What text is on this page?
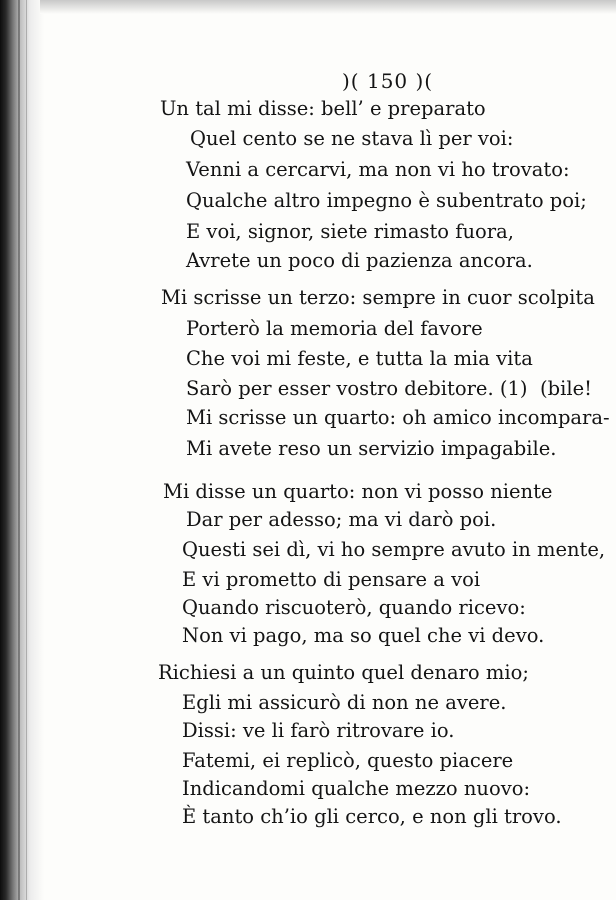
)( 150 )(
Un tal mi disse: bell’ e preparato
Quel cento se ne stava lì per voi:
Venni a cercarvi, ma non vi ho trovato:
Qualche altro impegno è subentrato poi;
E voi, signor, siete rimasto fuora,
Avrete un poco di pazienza ancora.
Mi scrisse un terzo: sempre in cuor scolpita
Porterò la memoria del favore
Che voi mi feste, e tutta la mia vita
Sarò per esser vostro debitore. (1) (bile!
Mi scrisse un quarto: oh amico incompara-
Mi avete reso un servizio impagabile.
Mi disse un quarto: non vi posso niente
Dar per adesso; ma vi darò poi.
Questi sei dì, vi ho sempre avuto in mente,
E vi prometto di pensare a voi
Quando riscuoterò, quando ricevo:
Non vi pago, ma so quel che vi devo.
Richiesi a un quinto quel denaro mio;
Egli mi assicurò di non ne avere.
Dissi: ve li farò ritrovare io.
Fatemi, ei replicò, questo piacere
Indicandomi qualche mezzo nuovo:
È tanto ch’io gli cerco, e non gli trovo.
